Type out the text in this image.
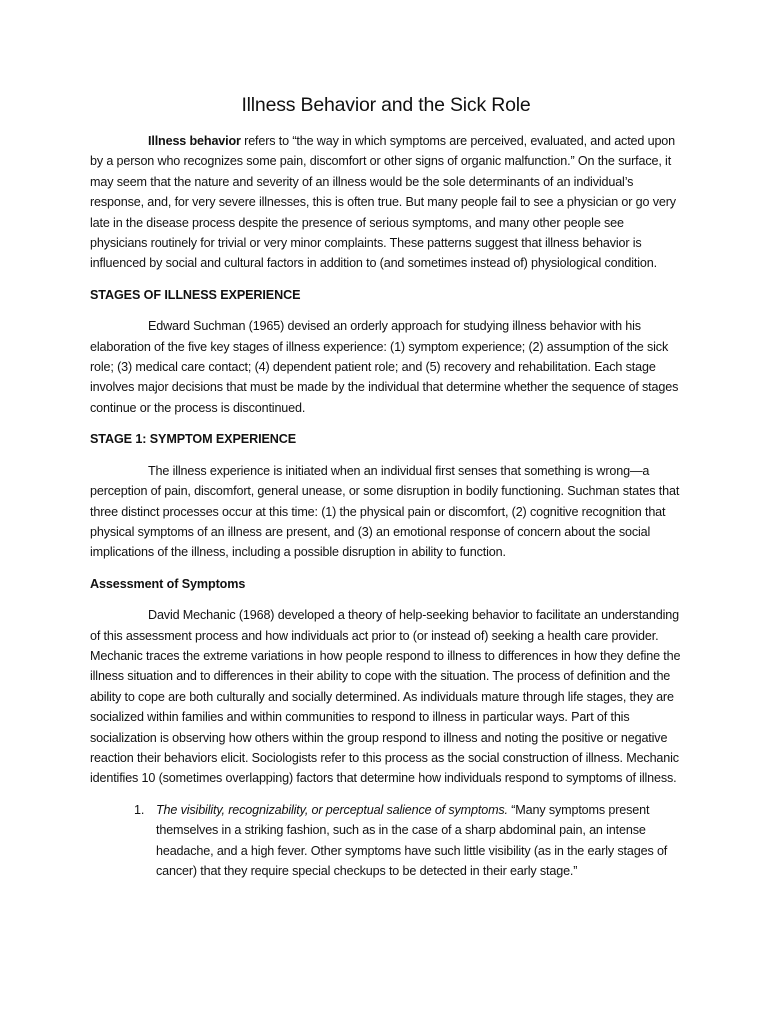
Illness Behavior and the Sick Role

Illness behavior refers to “the way in which symptoms are perceived, evaluated, and acted upon by a person who recognizes some pain, discomfort or other signs of organic malfunction.” On the surface, it may seem that the nature and severity of an illness would be the sole determinants of an individual’s response, and, for very severe illnesses, this is often true. But many people fail to see a physician or go very late in the disease process despite the presence of serious symptoms, and many other people see physicians routinely for trivial or very minor complaints. These patterns suggest that illness behavior is influenced by social and cultural factors in addition to (and sometimes instead of) physiological condition.

STAGES OF ILLNESS EXPERIENCE

Edward Suchman (1965) devised an orderly approach for studying illness behavior with his elaboration of the five key stages of illness experience: (1) symptom experience; (2) assumption of the sick role; (3) medical care contact; (4) dependent patient role; and (5) recovery and rehabilitation. Each stage involves major decisions that must be made by the individual that determine whether the sequence of stages continue or the process is discontinued.

STAGE 1: SYMPTOM EXPERIENCE

The illness experience is initiated when an individual first senses that something is wrong—a perception of pain, discomfort, general unease, or some disruption in bodily functioning. Suchman states that three distinct processes occur at this time: (1) the physical pain or discomfort, (2) cognitive recognition that physical symptoms of an illness are present, and (3) an emotional response of concern about the social implications of the illness, including a possible disruption in ability to function.

Assessment of Symptoms

David Mechanic (1968) developed a theory of help-seeking behavior to facilitate an understanding of this assessment process and how individuals act prior to (or instead of) seeking a health care provider. Mechanic traces the extreme variations in how people respond to illness to differences in how they define the illness situation and to differences in their ability to cope with the situation. The process of definition and the ability to cope are both culturally and socially determined. As individuals mature through life stages, they are socialized within families and within communities to respond to illness in particular ways. Part of this socialization is observing how others within the group respond to illness and noting the positive or negative reaction their behaviors elicit. Sociologists refer to this process as the social construction of illness. Mechanic identifies 10 (sometimes overlapping) factors that determine how individuals respond to symptoms of illness.

1. The visibility, recognizability, or perceptual salience of symptoms. “Many symptoms present themselves in a striking fashion, such as in the case of a sharp abdominal pain, an intense headache, and a high fever. Other symptoms have such little visibility (as in the early stages of cancer) that they require special checkups to be detected in their early stage.”
